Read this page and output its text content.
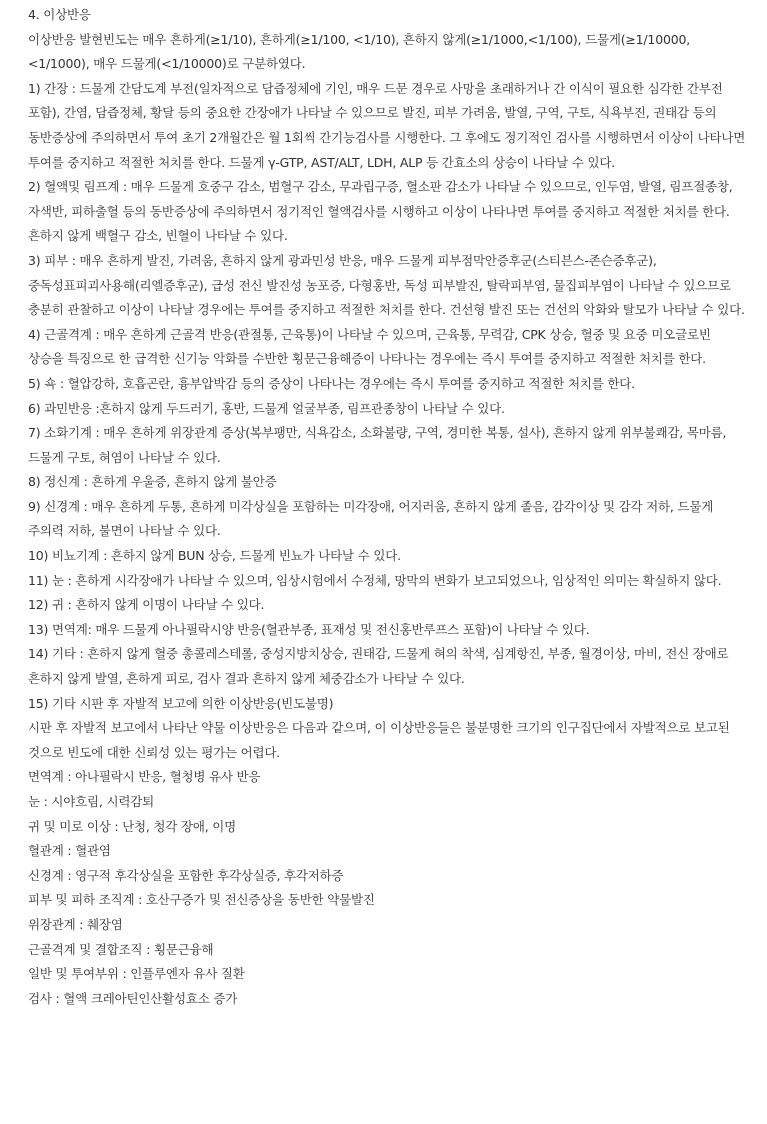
4. 이상반응

이상반응 발현빈도는 매우 흔하게(≥1/10), 흔하게(≥1/100, <1/10), 흔하지 않게(≥1/1000,<1/100), 드물게(≥1/10000, <1/1000), 매우 드물게(<1/10000)로 구분하였다.

1) 간장 : 드물게 간담도계 부전(일차적으로 담즙정체에 기인, 매우 드문 경우로 사망을 초래하거나 간 이식이 필요한 심각한 간부전 포함), 간염, 담즙정체, 황달 등의 중요한 간장애가 나타날 수 있으므로 발진, 피부 가려움, 발열, 구역, 구토, 식욕부진, 권태감 등의 동반증상에 주의하면서 투여 초기 2개월간은 월 1회씩 간기능검사를 시행한다. 그 후에도 정기적인 검사를 시행하면서 이상이 나타나면 투여를 중지하고 적절한 처치를 한다. 드물게 γ-GTP, AST/ALT, LDH, ALP 등 간효소의 상승이 나타날 수 있다.

2) 혈액및 림프계 : 매우 드물게 호중구 감소, 범혈구 감소, 무과립구증, 혈소판 감소가 나타날 수 있으므로, 인두염, 발열, 림프절종창, 자색반, 피하출혈 등의 동반증상에 주의하면서 정기적인 혈액검사를 시행하고 이상이 나타나면 투여를 중지하고 적절한 처치를 한다. 흔하지 않게 백혈구 감소, 빈혈이 나타날 수 있다.

3) 피부 : 매우 흔하게 발진, 가려움, 흔하지 않게 광과민성 반응, 매우 드물게 피부점막안증후군(스티븐스-존슨증후군), 중독성표피괴사용해(리엘증후군), 급성 전신 발진성 농포증, 다형홍반, 독성 피부발진, 탈락피부염, 물집피부염이 나타날 수 있으므로 충분히 관찰하고 이상이 나타날 경우에는 투여를 중지하고 적절한 처치를 한다. 건선형 발진 또는 건선의 악화와 탈모가 나타날 수 있다.

4) 근골격계 : 매우 흔하게 근골격 반응(관절통, 근육통)이 나타날 수 있으며, 근육통, 무력감, CPK 상승, 혈중 및 요중 미오글로빈 상승을 특징으로 한 급격한 신기능 악화를 수반한 횡문근융해증이 나타나는 경우에는 즉시 투여를 중지하고 적절한 처치를 한다.

5) 쇽 : 혈압강하, 호흡곤란, 흉부압박감 등의 증상이 나타나는 경우에는 즉시 투여를 중지하고 적절한 처치를 한다.

6) 과민반응 :흔하지 않게 두드러기, 홍반, 드물게 얼굴부종, 림프관종창이 나타날 수 있다.

7) 소화기계 : 매우 흔하게 위장관계 증상(복부팽만, 식욕감소, 소화불량, 구역, 경미한 복통, 설사), 흔하지 않게 위부불쾌감, 목마름, 드물게 구토, 혀염이 나타날 수 있다.

8) 정신계 : 흔하게 우울증, 흔하지 않게 불안증

9) 신경계 : 매우 흔하게 두통, 흔하게 미각상실을 포함하는 미각장애, 어지러움, 흔하지 않게 졸음, 감각이상 및 감각 저하, 드물게 주의력 저하, 불면이 나타날 수 있다.

10) 비뇨기계 : 흔하지 않게 BUN 상승, 드물게 빈뇨가 나타날 수 있다.

11) 눈 : 흔하게 시각장애가 나타날 수 있으며, 임상시험에서 수정체, 망막의 변화가 보고되었으나, 임상적인 의미는 확실하지 않다.

12) 귀 : 흔하지 않게 이명이 나타날 수 있다.

13) 면역계: 매우 드물게 아나필락시양 반응(혈관부종, 표재성 및 전신홍반루프스 포함)이 나타날 수 있다.

14) 기타 : 흔하지 않게 혈중 총콜레스테롤, 중성지방치상승, 권태감, 드물게 혀의 착색, 심계항진, 부종, 월경이상, 마비, 전신 장애로 흔하지 않게 발열, 흔하게 피로, 검사 결과 흔하지 않게 체중감소가 나타날 수 있다.

15) 기타 시판 후 자발적 보고에 의한 이상반응(빈도불명)

시판 후 자발적 보고에서 나타난 약물 이상반응은 다음과 같으며, 이 이상반응들은 불분명한 크기의 인구집단에서 자발적으로 보고된 것으로 빈도에 대한 신뢰성 있는 평가는 어렵다.

면역계 : 아나필락시 반응, 혈청병 유사 반응

눈 : 시야흐림, 시력감퇴

귀 및 미로 이상 : 난청, 청각 장애, 이명

혈관계 : 혈관염

신경계 : 영구적 후각상실을 포함한 후각상실증, 후각저하증

피부 및 피하 조직계 : 호산구증가 및 전신증상을 동반한 약물발진

위장관계 : 췌장염

근골격계 및 결합조직 : 횡문근융해

일반 및 투여부위 : 인플루엔자 유사 질환

검사 : 혈액 크레아틴인산활성효소 증가
